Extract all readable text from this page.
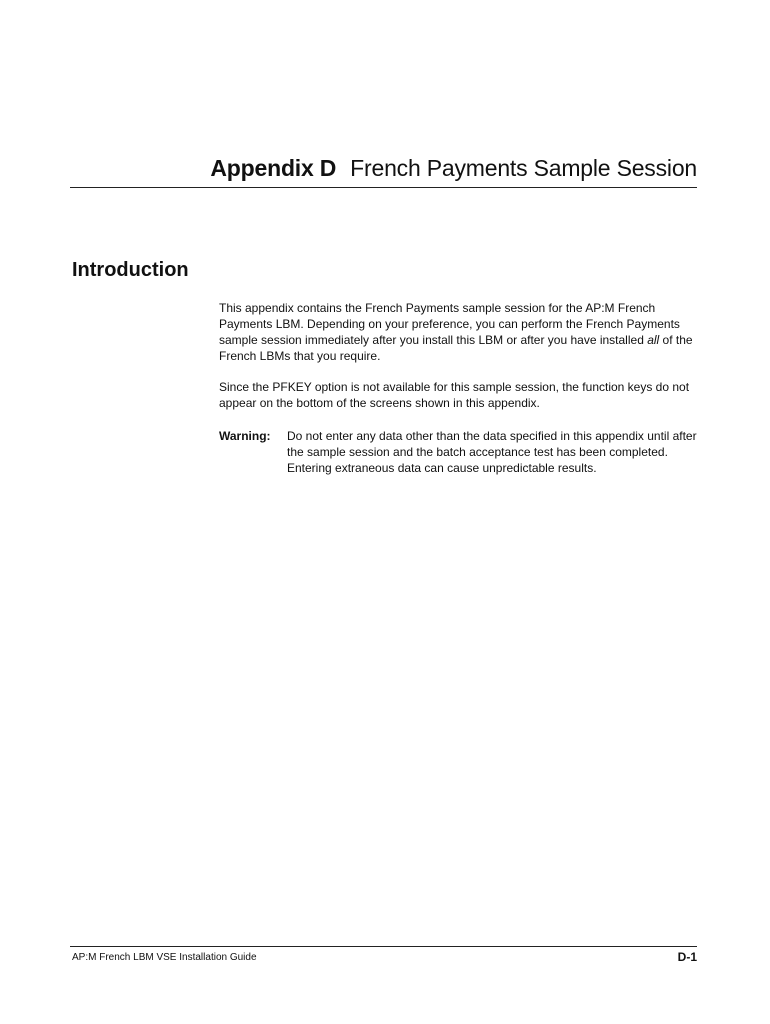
Appendix D French Payments Sample Session
Introduction

This appendix contains the French Payments sample session for the AP:M French Payments LBM. Depending on your preference, you can perform the French Payments sample session immediately after you install this LBM or after you have installed all of the French LBMs that you require.

Since the PFKEY option is not available for this sample session, the function keys do not appear on the bottom of the screens shown in this appendix.

Warning:	Do not enter any data other than the data specified in this appendix until after the sample session and the batch acceptance test has been completed. Entering extraneous data can cause unpredictable results.
AP:M French LBM VSE Installation Guide	D-1
